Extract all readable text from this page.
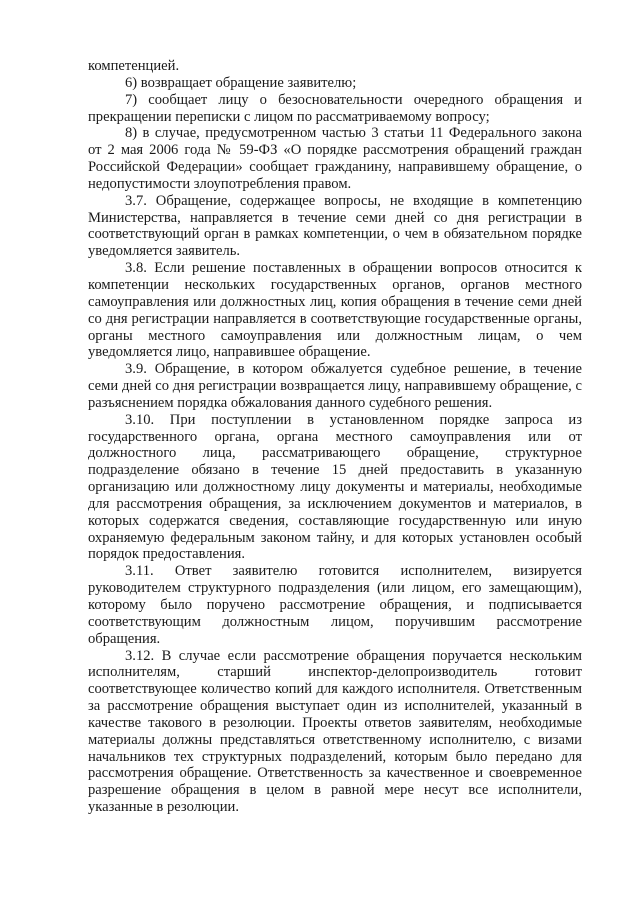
компетенцией.

6) возвращает обращение заявителю;

7) сообщает лицу о безосновательности очередного обращения и прекращении переписки с лицом по рассматриваемому вопросу;

8) в случае, предусмотренном частью 3 статьи 11 Федерального закона от 2 мая 2006 года № 59-ФЗ «О порядке рассмотрения обращений граждан Российской Федерации» сообщает гражданину, направившему обращение, о недопустимости злоупотребления правом.

3.7. Обращение, содержащее вопросы, не входящие в компетенцию Министерства, направляется в течение семи дней со дня регистрации в соответствующий орган в рамках компетенции, о чем в обязательном порядке уведомляется заявитель.

3.8. Если решение поставленных в обращении вопросов относится к компетенции нескольких государственных органов, органов местного самоуправления или должностных лиц, копия обращения в течение семи дней со дня регистрации направляется в соответствующие государственные органы, органы местного самоуправления или должностным лицам, о чем уведомляется лицо, направившее обращение.

3.9. Обращение, в котором обжалуется судебное решение, в течение семи дней со дня регистрации возвращается лицу, направившему обращение, с разъяснением порядка обжалования данного судебного решения.

3.10. При поступлении в установленном порядке запроса из государственного органа, органа местного самоуправления или от должностного лица, рассматривающего обращение, структурное подразделение обязано в течение 15 дней предоставить в указанную организацию или должностному лицу документы и материалы, необходимые для рассмотрения обращения, за исключением документов и материалов, в которых содержатся сведения, составляющие государственную или иную охраняемую федеральным законом тайну, и для которых установлен особый порядок предоставления.

3.11. Ответ заявителю готовится исполнителем, визируется руководителем структурного подразделения (или лицом, его замещающим), которому было поручено рассмотрение обращения, и подписывается соответствующим должностным лицом, поручившим рассмотрение обращения.

3.12. В случае если рассмотрение обращения поручается нескольким исполнителям, старший инспектор-делопроизводитель готовит соответствующее количество копий для каждого исполнителя. Ответственным за рассмотрение обращения выступает один из исполнителей, указанный в качестве такового в резолюции. Проекты ответов заявителям, необходимые материалы должны представляться ответственному исполнителю, с визами начальников тех структурных подразделений, которым было передано для рассмотрения обращение. Ответственность за качественное и своевременное разрешение обращения в целом в равной мере несут все исполнители, указанные в резолюции.
